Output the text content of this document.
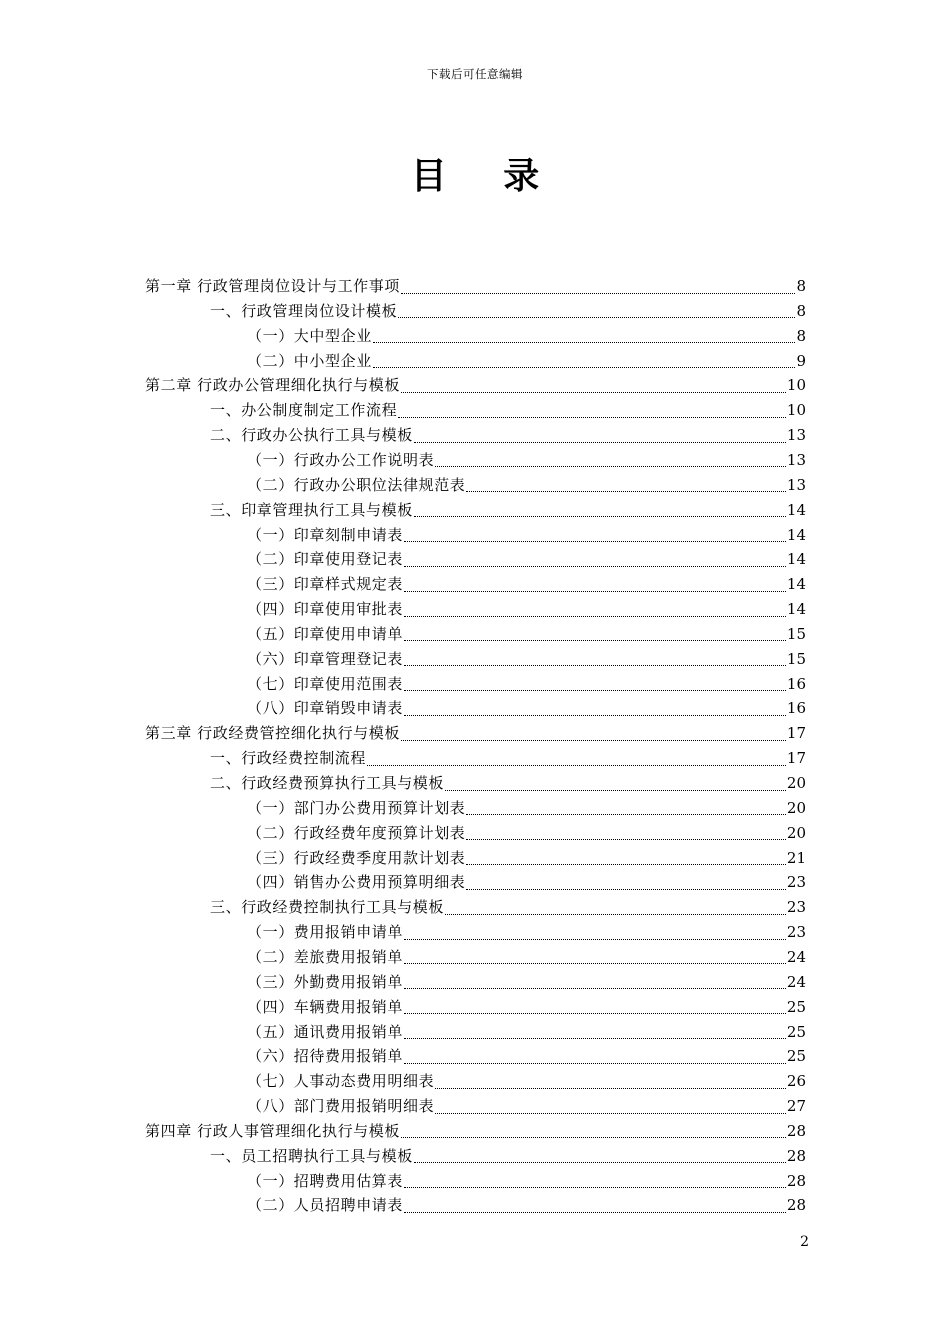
下载后可任意编辑
目 录
第一章 行政管理岗位设计与工作事项	8
一、行政管理岗位设计模板	8
（一）大中型企业	8
（二）中小型企业	9
第二章 行政办公管理细化执行与模板	10
一、办公制度制定工作流程	10
二、行政办公执行工具与模板	13
（一）行政办公工作说明表	13
（二）行政办公职位法律规范表	13
三、印章管理执行工具与模板	14
（一）印章刻制申请表	14
（二）印章使用登记表	14
（三）印章样式规定表	14
（四）印章使用审批表	14
（五）印章使用申请单	15
（六）印章管理登记表	15
（七）印章使用范围表	16
（八）印章销毁申请表	16
第三章 行政经费管控细化执行与模板	17
一、行政经费控制流程	17
二、行政经费预算执行工具与模板	20
（一）部门办公费用预算计划表	20
（二）行政经费年度预算计划表	20
（三）行政经费季度用款计划表	21
（四）销售办公费用预算明细表	23
三、行政经费控制执行工具与模板	23
（一）费用报销申请单	23
（二）差旅费用报销单	24
（三）外勤费用报销单	24
（四）车辆费用报销单	25
（五）通讯费用报销单	25
（六）招待费用报销单	25
（七）人事动态费用明细表	26
（八）部门费用报销明细表	27
第四章 行政人事管理细化执行与模板	28
一、员工招聘执行工具与模板	28
（一）招聘费用估算表	28
（二）人员招聘申请表	28
2
